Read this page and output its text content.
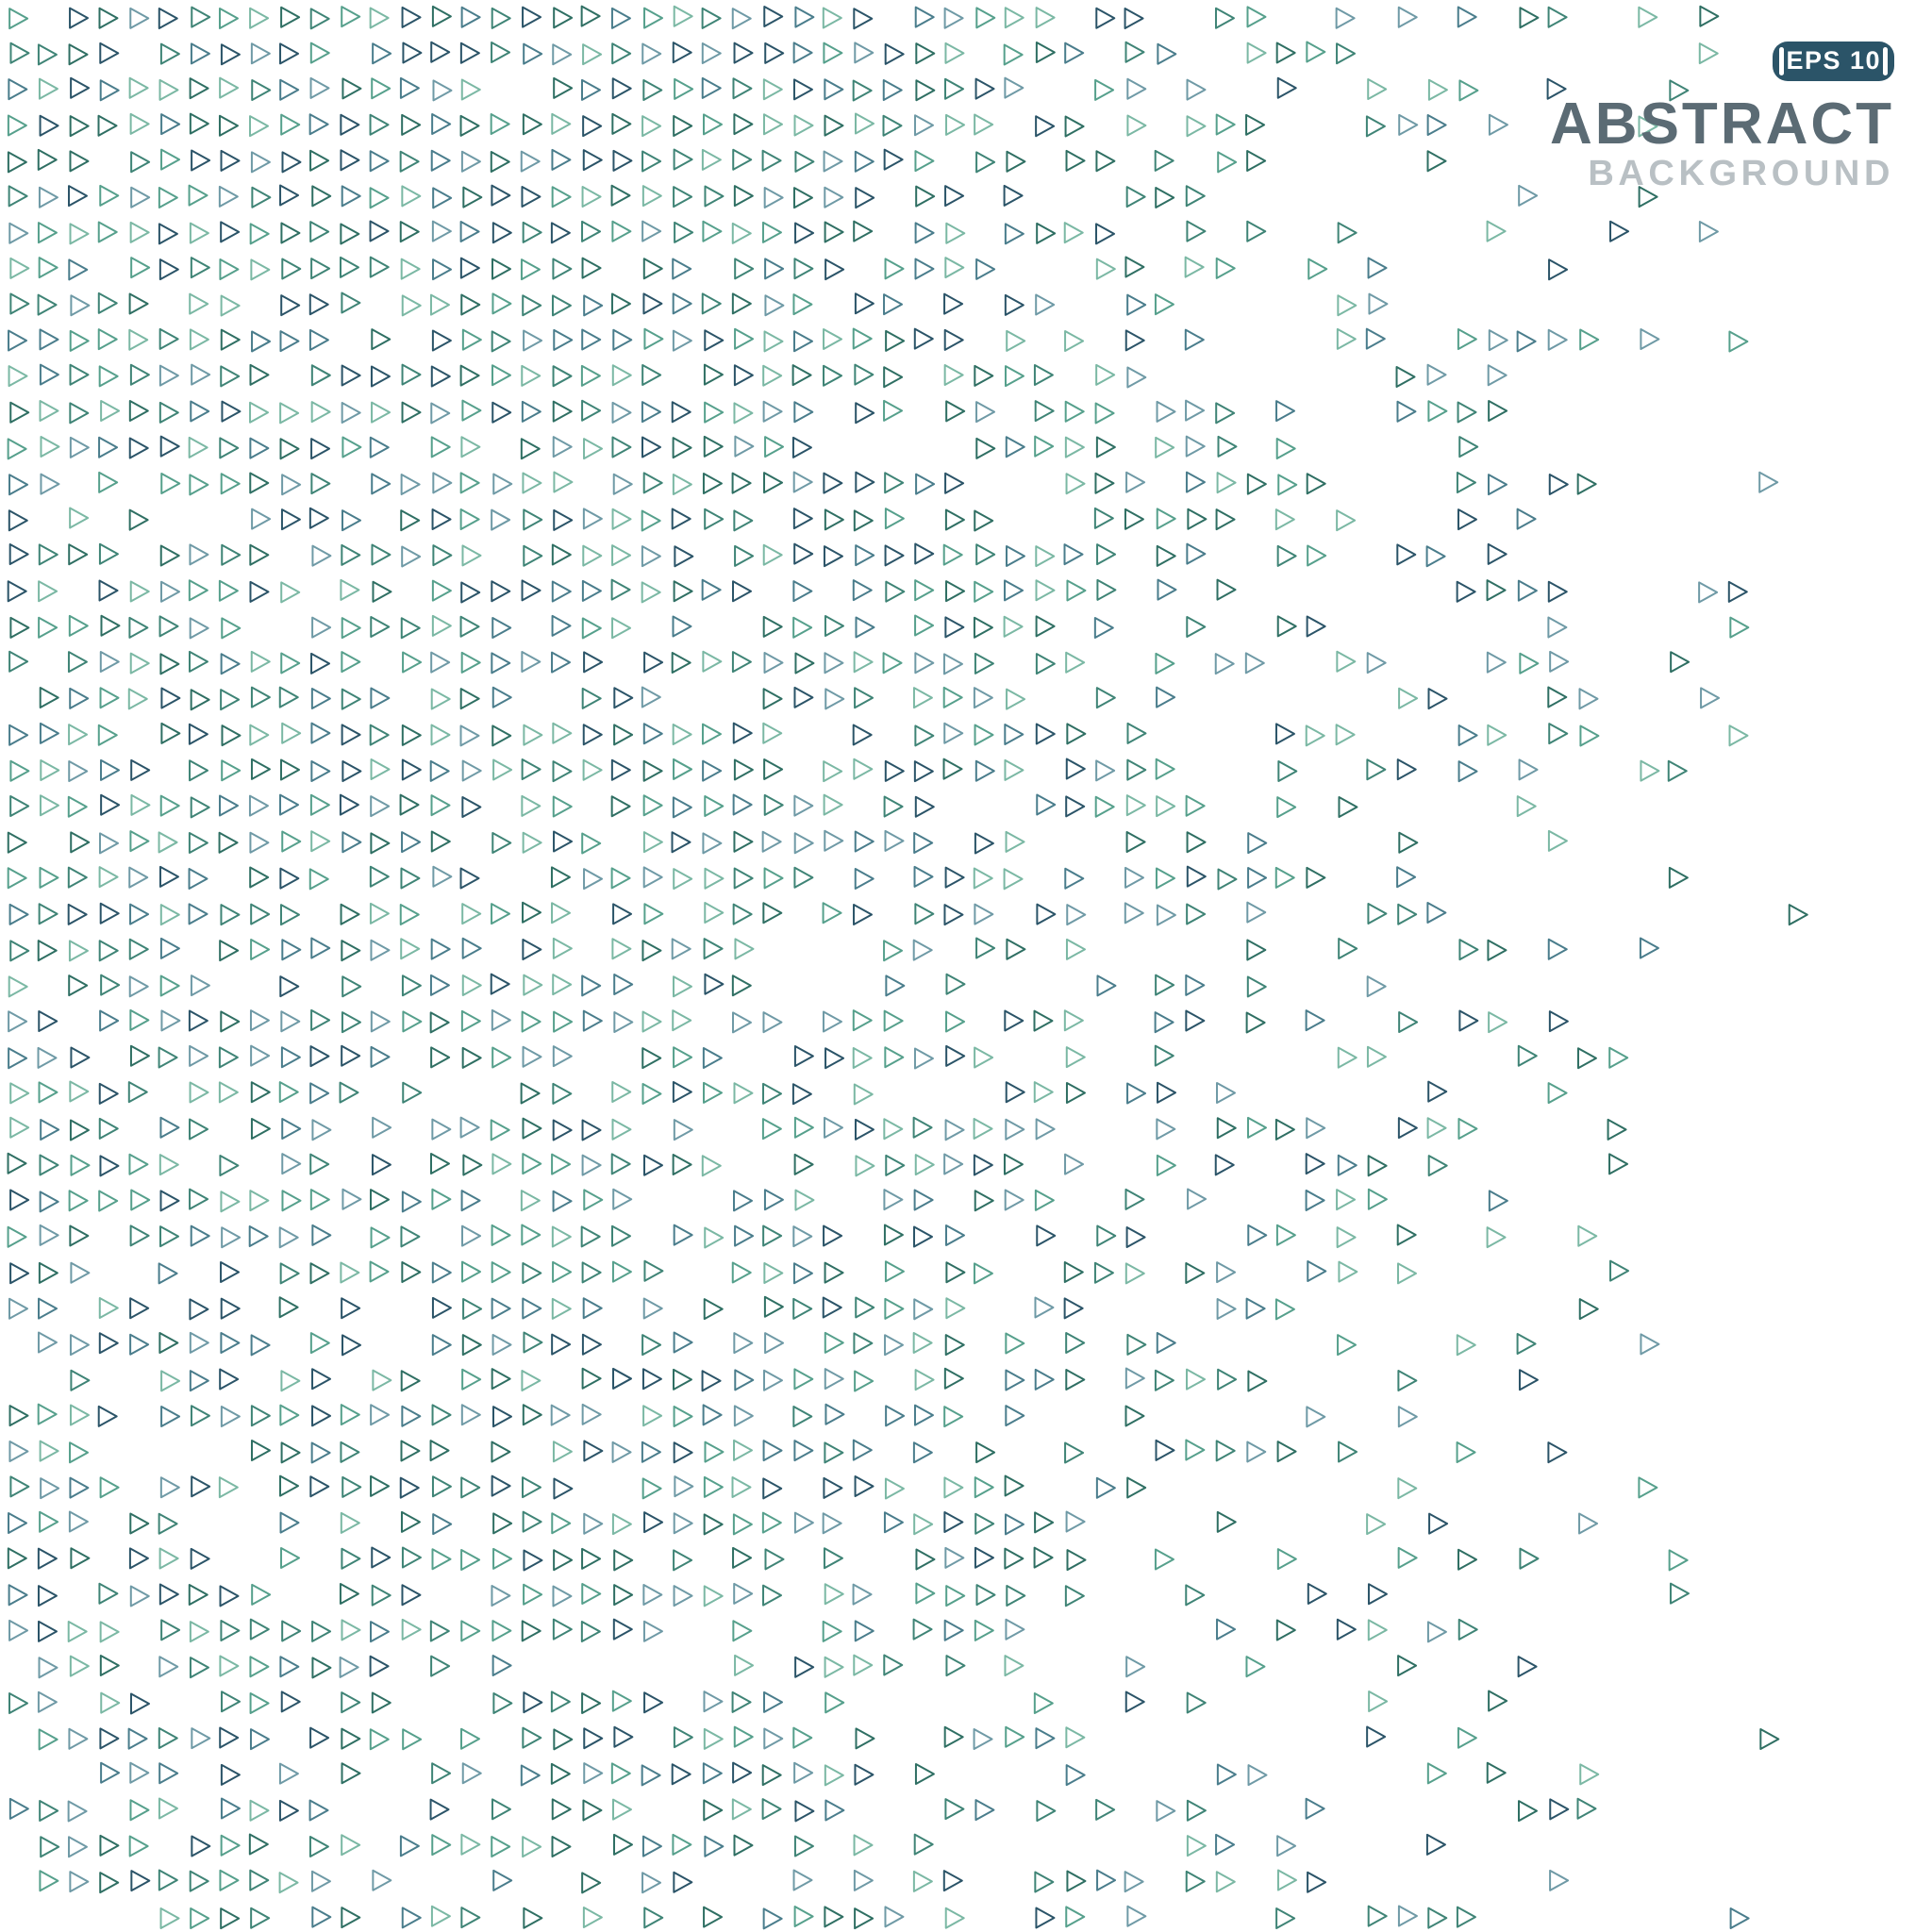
EPS 10
ABSTRACT
BACKGROUND
